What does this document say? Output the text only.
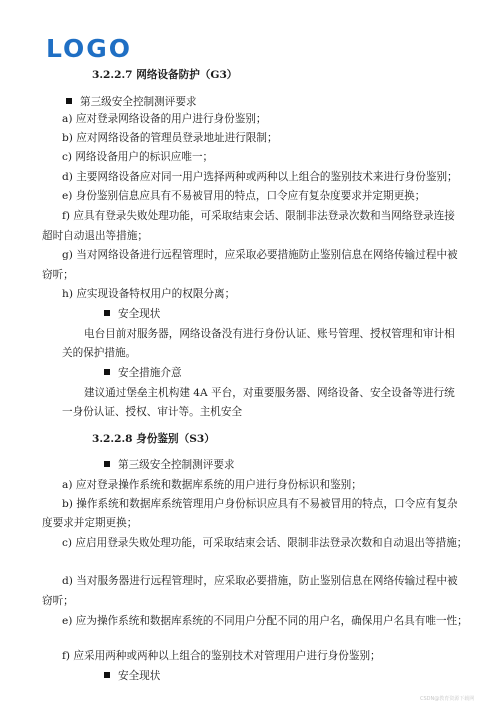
LOGO
3.2.2.7 网络设备防护（G3）
第三级安全控制测评要求
a) 应对登录网络设备的用户进行身份鉴别；
b) 应对网络设备的管理员登录地址进行限制；
c) 网络设备用户的标识应唯一；
d) 主要网络设备应对同一用户选择两种或两种以上组合的鉴别技术来进行身份鉴别；
e) 身份鉴别信息应具有不易被冒用的特点，口令应有复杂度要求并定期更换；
f) 应具有登录失败处理功能，可采取结束会话、限制非法登录次数和当网络登录连接
超时自动退出等措施；
g) 当对网络设备进行远程管理时，应采取必要措施防止鉴别信息在网络传输过程中被
窃听；
h) 应实现设备特权用户的权限分离；
安全现状
电台目前对服务器，网络设备没有进行身份认证、账号管理、授权管理和审计相
关的保护措施。
安全措施介意
建议通过堡垒主机构建 4A 平台，对重要服务器、网络设备、安全设备等进行统
一身份认证、授权、审计等。主机安全
3.2.2.8 身份鉴别（S3）
第三级安全控制测评要求
a) 应对登录操作系统和数据库系统的用户进行身份标识和鉴别；
b) 操作系统和数据库系统管理用户身份标识应具有不易被冒用的特点，口令应有复杂
度要求并定期更换；
c) 应启用登录失败处理功能，可采取结束会话、限制非法登录次数和自动退出等措施；
d) 当对服务器进行远程管理时，应采取必要措施，防止鉴别信息在网络传输过程中被
窃听；
e) 应为操作系统和数据库系统的不同用户分配不同的用户名，确保用户名具有唯一性；
f) 应采用两种或两种以上组合的鉴别技术对管理用户进行身份鉴别；
安全现状
CSDN@教育资源下载网
